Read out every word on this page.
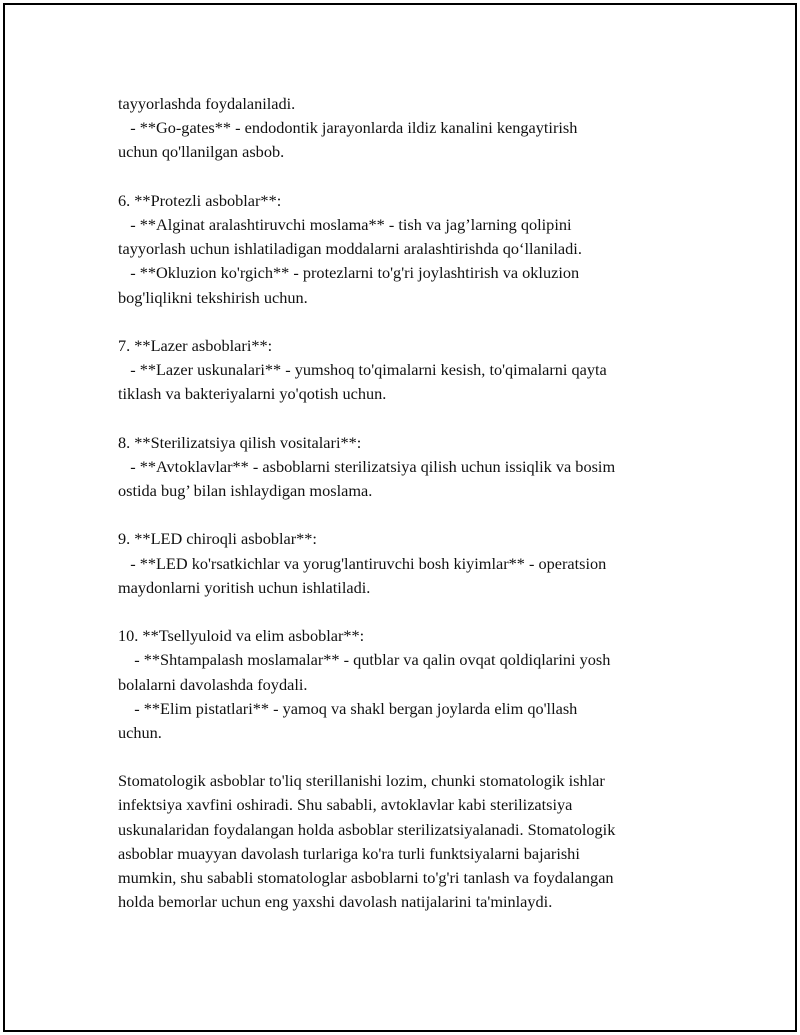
tayyorlashda foydalaniladi.
- **Go-gates** - endodontik jarayonlarda ildiz kanalini kengaytirish
uchun qo'llanilgan asbob.
6. **Protezli asboblar**:
- **Alginat aralashtiruvchi moslama** - tish va jag’larning qolipini
tayyorlash uchun ishlatiladigan moddalarni aralashtirishda qo‘llaniladi.
- **Okluzion ko'rgich** - protezlarni to'g'ri joylashtirish va okluzion
bog'liqlikni tekshirish uchun.
7. **Lazer asboblari**:
- **Lazer uskunalari** - yumshoq to'qimalarni kesish, to'qimalarni qayta
tiklash va bakteriyalarni yo'qotish uchun.
8. **Sterilizatsiya qilish vositalari**:
- **Avtoklavlar** - asboblarni sterilizatsiya qilish uchun issiqlik va bosim
ostida bug’ bilan ishlaydigan moslama.
9. **LED chiroqli asboblar**:
- **LED ko'rsatkichlar va yorug'lantiruvchi bosh kiyimlar** - operatsion
maydonlarni yoritish uchun ishlatiladi.
10. **Tsellyuloid va elim asboblar**:
- **Shtampalash moslamalar** - qutblar va qalin ovqat qoldiqlarini yosh
bolalarni davolashda foydali.
- **Elim pistatlari** - yamoq va shakl bergan joylarda elim qo'llash
uchun.
Stomatologik asboblar to'liq sterillanishi lozim, chunki stomatologik ishlar
infektsiya xavfini oshiradi. Shu sababli, avtoklavlar kabi sterilizatsiya
uskunalaridan foydalangan holda asboblar sterilizatsiyalanadi. Stomatologik
asboblar muayyan davolash turlariga ko'ra turli funktsiyalarni bajarishi
mumkin, shu sababli stomatologlar asboblarni to'g'ri tanlash va foydalangan
holda bemorlar uchun eng yaxshi davolash natijalarini ta'minlaydi.
